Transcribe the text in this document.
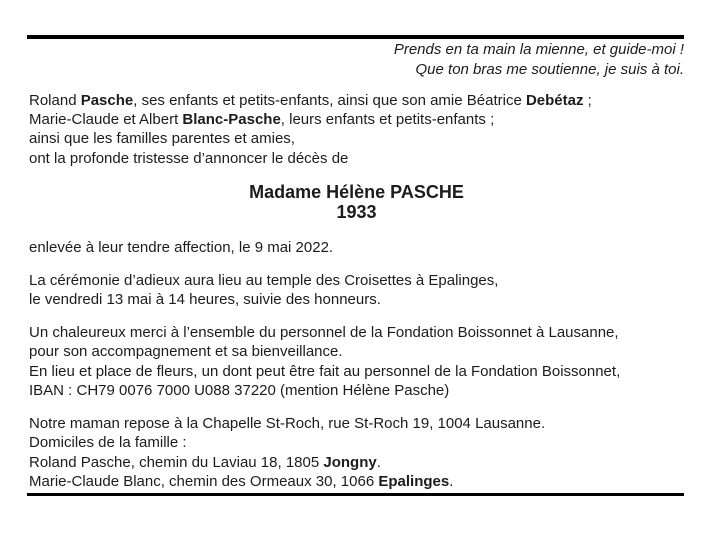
Prends en ta main la mienne, et guide-moi !
Que ton bras me soutienne, je suis à toi.
Roland Pasche, ses enfants et petits-enfants, ainsi que son amie Béatrice Debétaz ;
Marie-Claude et Albert Blanc-Pasche, leurs enfants et petits-enfants ;
ainsi que les familles parentes et amies,
ont la profonde tristesse d’annoncer le décès de
Madame Hélène PASCHE
1933
enlevée à leur tendre affection, le 9 mai 2022.
La cérémonie d’adieux aura lieu au temple des Croisettes à Epalinges,
le vendredi 13 mai à 14 heures, suivie des honneurs.
Un chaleureux merci à l’ensemble du personnel de la Fondation Boissonnet à Lausanne,
pour son accompagnement et sa bienveillance.
En lieu et place de fleurs, un dont peut être fait au personnel de la Fondation Boissonnet,
IBAN : CH79 0076 7000 U088 37220 (mention Hélène Pasche)
Notre maman repose à la Chapelle St-Roch, rue St-Roch 19, 1004 Lausanne.
Domiciles de la famille :
Roland Pasche, chemin du Laviau 18, 1805 Jongny.
Marie-Claude Blanc, chemin des Ormeaux 30, 1066 Epalinges.
